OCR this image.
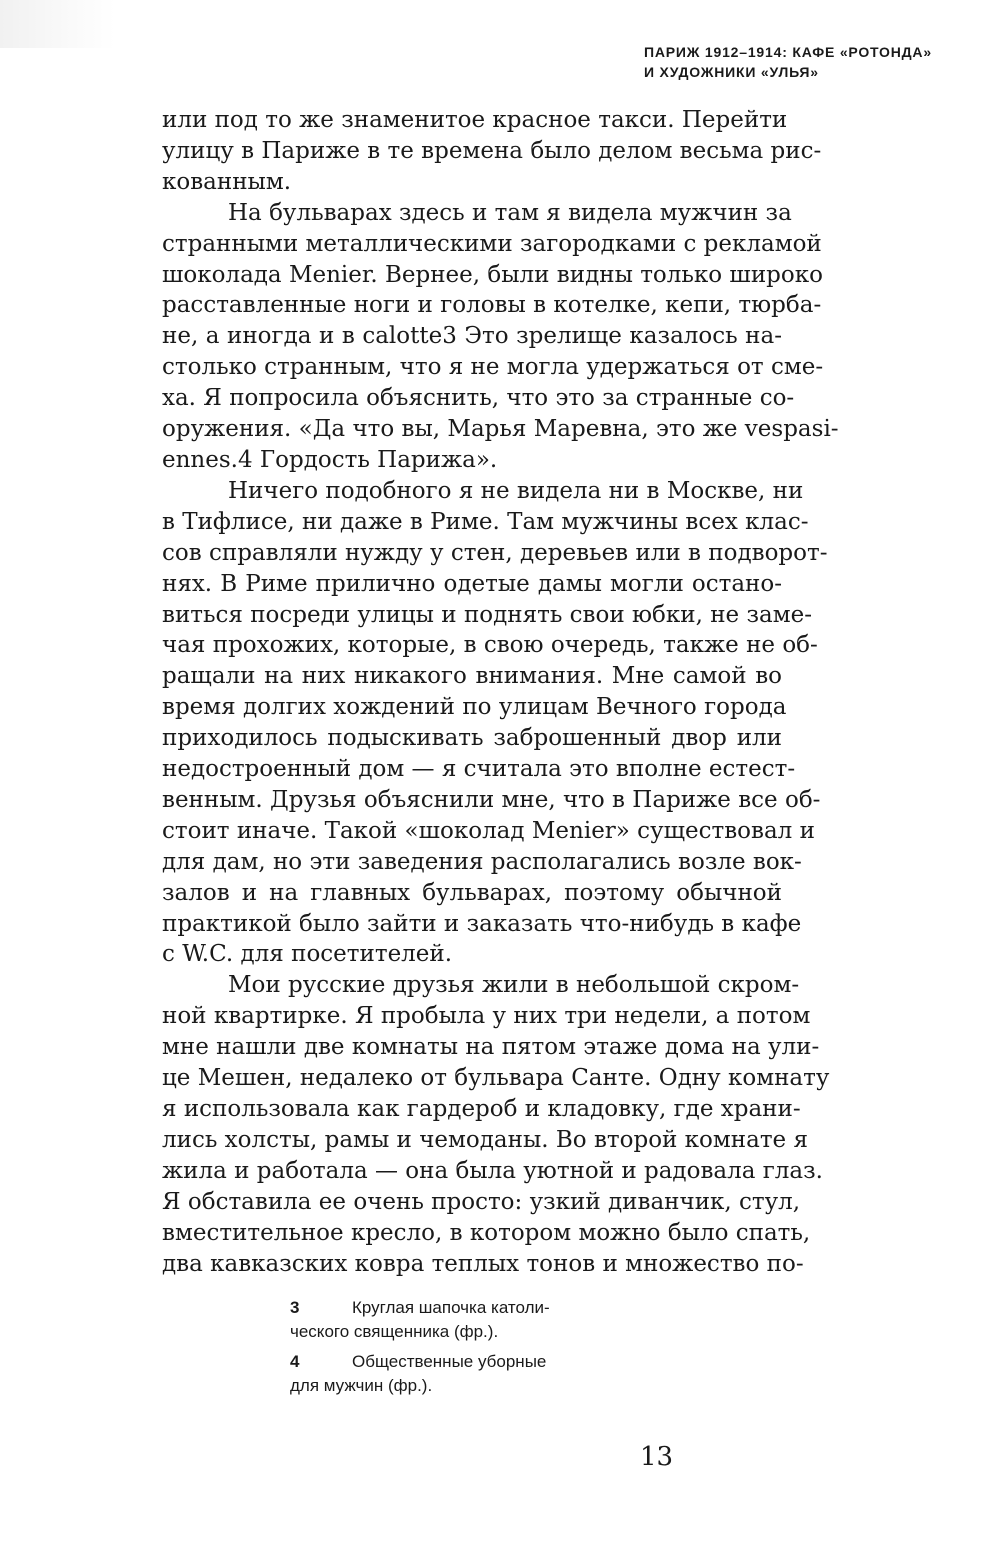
ПАРИЖ 1912–1914: КАФЕ «РОТОНДА»
И ХУДОЖНИКИ «УЛЬЯ»

или под то же знаменитое красное такси. Перейти
улицу в Париже в те времена было делом весьма рис-
кованным.

На бульварах здесь и там я видела мужчин за
странными металлическими загородками с рекламой
шоколада Menier. Вернее, были видны только широко
расставленные ноги и головы в котелке, кепи, тюрба-
не, а иногда и в calotte3 Это зрелище казалось на-
столько странным, что я не могла удержаться от сме-
ха. Я попросила объяснить, что это за странные со-
оружения. «Да что вы, Марья Маревна, это же vespasi-
ennes.4 Гордость Парижа».

Ничего подобного я не видела ни в Москве, ни
в Тифлисе, ни даже в Риме. Там мужчины всех клас-
сов справляли нужду у стен, деревьев или в подворот-
нях. В Риме прилично одетые дамы могли остано-
виться посреди улицы и поднять свои юбки, не заме-
чая прохожих, которые, в свою очередь, также не об-
ращали на них никакого внимания. Мне самой во
время долгих хождений по улицам Вечного города
приходилось подыскивать заброшенный двор или
недостроенный дом — я считала это вполне естест-
венным. Друзья объяснили мне, что в Париже все об-
стоит иначе. Такой «шоколад Menier» существовал и
для дам, но эти заведения располагались возле вок-
залов и на главных бульварах, поэтому обычной
практикой было зайти и заказать что-нибудь в кафе
с W.C. для посетителей.

Мои русские друзья жили в небольшой скром-
ной квартирке. Я пробыла у них три недели, а потом
мне нашли две комнаты на пятом этаже дома на ули-
це Мешен, недалеко от бульвара Санте. Одну комнату
я использовала как гардероб и кладовку, где храни-
лись холсты, рамы и чемоданы. Во второй комнате я
жила и работала — она была уютной и радовала глаз.
Я обставила ее очень просто: узкий диванчик, стул,
вместительное кресло, в котором можно было спать,
два кавказских ковра теплых тонов и множество по-

3	Круглая шапочка католи-
ческого священника (фр.).
4	Общественные уборные
для мужчин (фр.).
13
